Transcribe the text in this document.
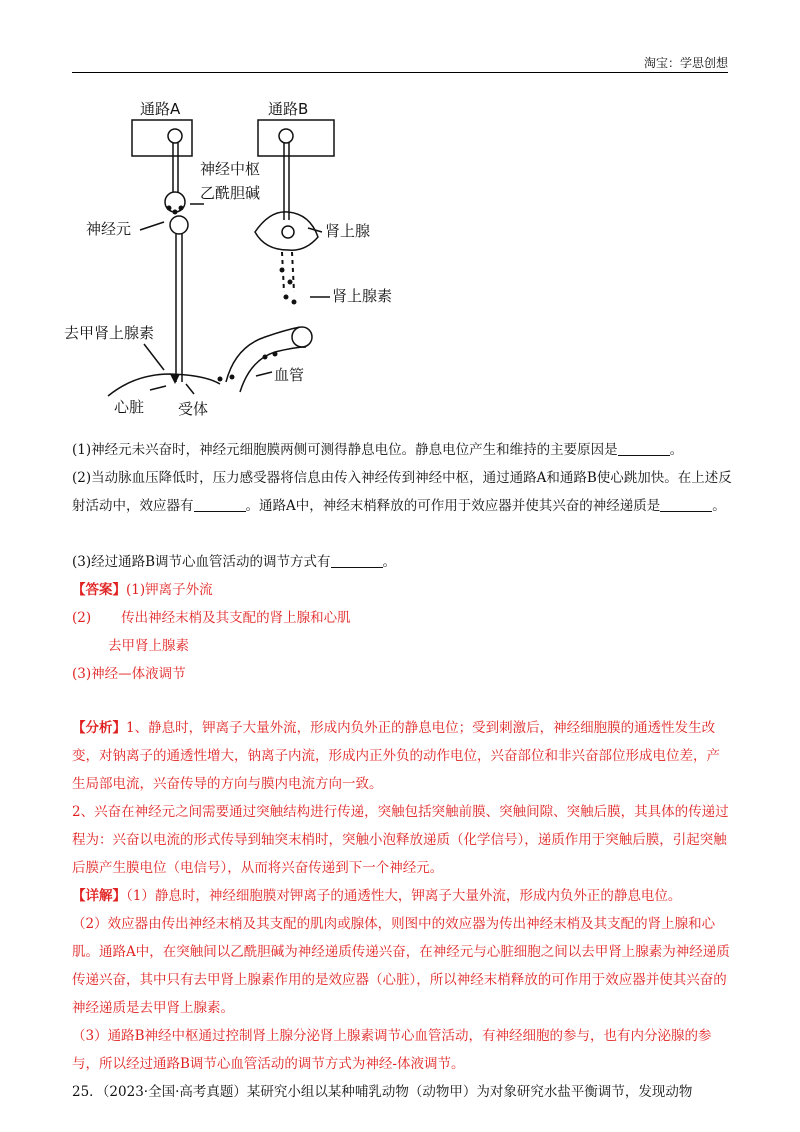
淘宝：学思创想
通路A	通路B
神经中枢
乙酰胆碱
神经元	肾上腺
肾上腺素
去甲肾上腺素
血管
心脏 受体
(1)神经元未兴奋时，神经元细胞膜两侧可测得静息电位。静息电位产生和维持的主要原因是	。
(2)当动脉血压降低时，压力感受器将信息由传入神经传到神经中枢，通过通路A和通路B使心跳加快。在上述反射活动中，效应器有	。通路A中，神经末梢释放的可作用于效应器并使其兴奋的神经递质是	。
(3)经过通路B调节心血管活动的调节方式有	。
【答案】(1)钾离子外流
(2) 传出神经末梢及其支配的肾上腺和心肌
去甲肾上腺素
(3)神经—体液调节
【分析】1、静息时，钾离子大量外流，形成内负外正的静息电位；受到刺激后，神经细胞膜的通透性发生改变，对钠离子的通透性增大，钠离子内流，形成内正外负的动作电位，兴奋部位和非兴奋部位形成电位差，产生局部电流，兴奋传导的方向与膜内电流方向一致。
2、兴奋在神经元之间需要通过突触结构进行传递，突触包括突触前膜、突触间隙、突触后膜，其具体的传递过程为：兴奋以电流的形式传导到轴突末梢时，突触小泡释放递质（化学信号），递质作用于突触后膜，引起突触后膜产生膜电位（电信号），从而将兴奋传递到下一个神经元。
【详解】（1）静息时，神经细胞膜对钾离子的通透性大，钾离子大量外流，形成内负外正的静息电位。
（2）效应器由传出神经末梢及其支配的肌肉或腺体，则图中的效应器为传出神经末梢及其支配的肾上腺和心肌。通路A中，在突触间以乙酰胆碱为神经递质传递兴奋，在神经元与心脏细胞之间以去甲肾上腺素为神经递质传递兴奋，其中只有去甲肾上腺素作用的是效应器（心脏），所以神经末梢释放的可作用于效应器并使其兴奋的神经递质是去甲肾上腺素。
（3）通路B神经中枢通过控制肾上腺分泌肾上腺素调节心血管活动，有神经细胞的参与，也有内分泌腺的参与，所以经过通路B调节心血管活动的调节方式为神经-体液调节。
25．（2023·全国·高考真题）某研究小组以某种哺乳动物（动物甲）为对象研究水盐平衡调节，发现动物
